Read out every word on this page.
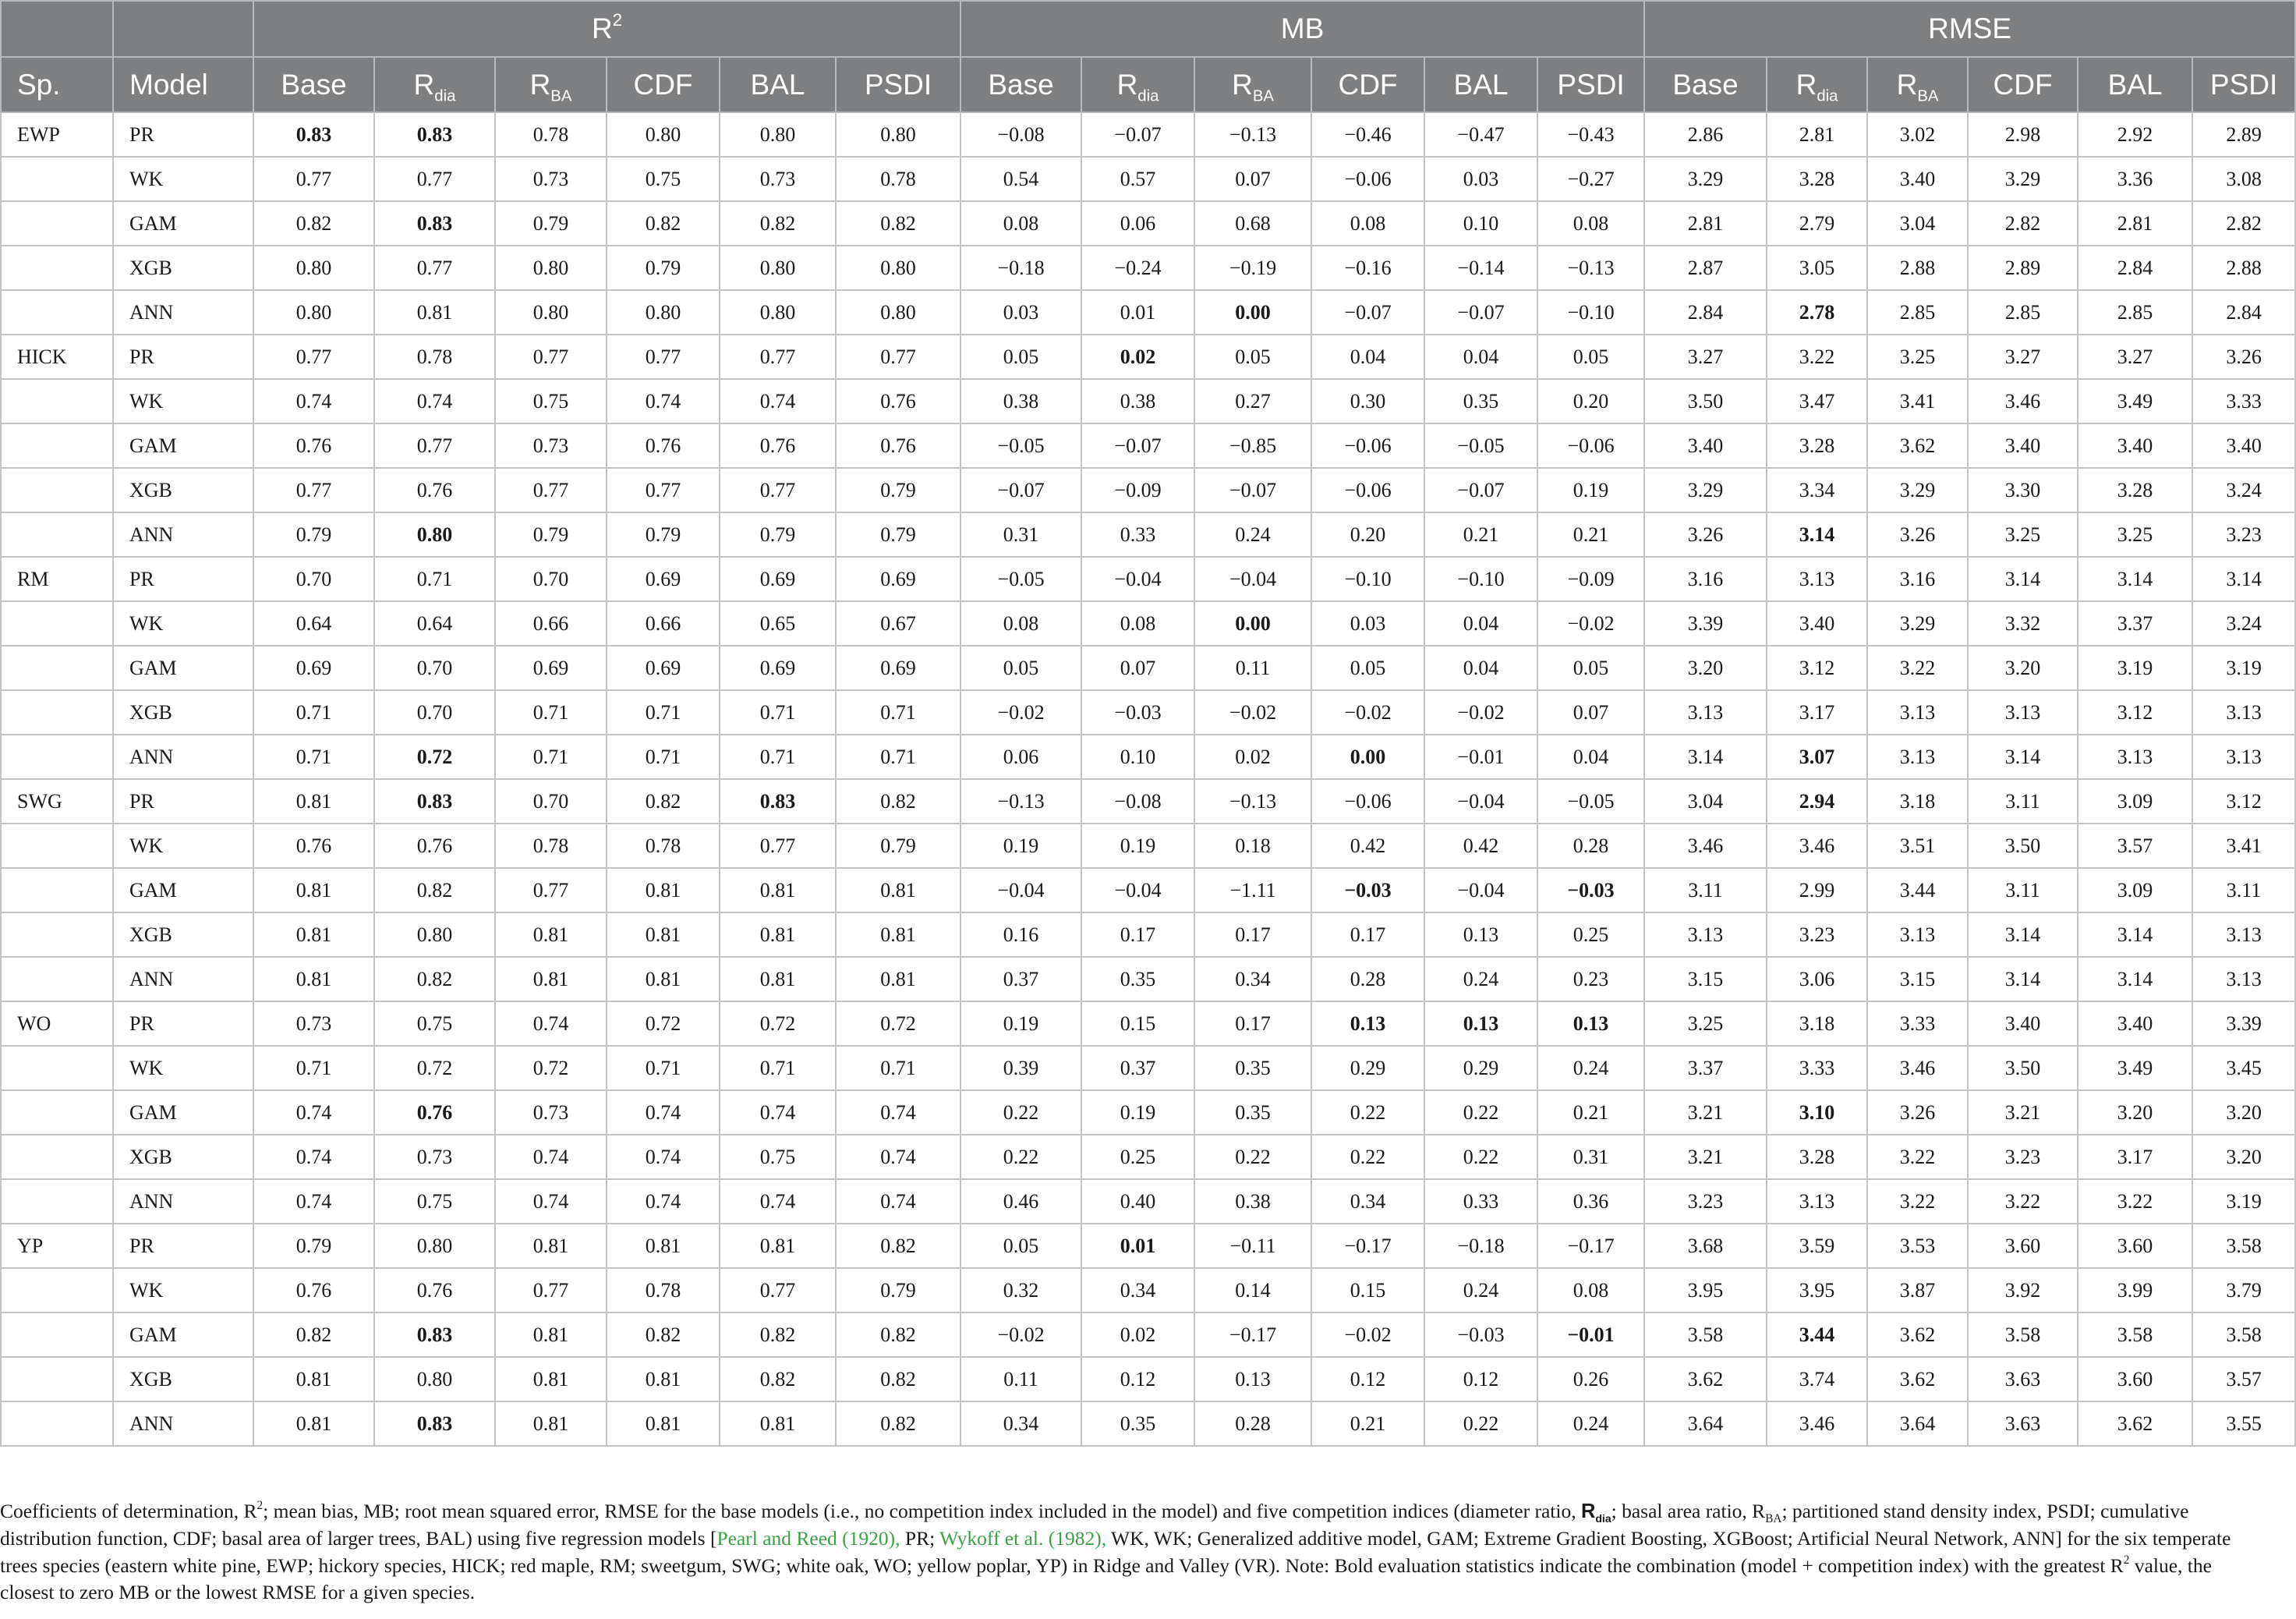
		$R^2$						MB						RMSE					
Sp.	Model	Base	$R_{dia}$	$R_{BA}$	CDF	BAL	PSDI	Base	$R_{dia}$	$R_{BA}$	CDF	BAL	PSDI	Base	$R_{dia}$	$R_{BA}$	CDF	BAL	PSDI
EWP	PR	0.83	0.83	0.78	0.80	0.80	0.80	−0.08	−0.07	−0.13	−0.46	−0.47	−0.43	2.86	2.81	3.02	2.98	2.92	2.89
	WK	0.77	0.77	0.73	0.75	0.73	0.78	0.54	0.57	0.07	−0.06	0.03	−0.27	3.29	3.28	3.40	3.29	3.36	3.08
	GAM	0.82	0.83	0.79	0.82	0.82	0.82	0.08	0.06	0.68	0.08	0.10	0.08	2.81	2.79	3.04	2.82	2.81	2.82
	XGB	0.80	0.77	0.80	0.79	0.80	0.80	−0.18	−0.24	−0.19	−0.16	−0.14	−0.13	2.87	3.05	2.88	2.89	2.84	2.88
	ANN	0.80	0.81	0.80	0.80	0.80	0.80	0.03	0.01	0.00	−0.07	−0.07	−0.10	2.84	2.78	2.85	2.85	2.85	2.84
HICK	PR	0.77	0.78	0.77	0.77	0.77	0.77	0.05	0.02	0.05	0.04	0.04	0.05	3.27	3.22	3.25	3.27	3.27	3.26
	WK	0.74	0.74	0.75	0.74	0.74	0.76	0.38	0.38	0.27	0.30	0.35	0.20	3.50	3.47	3.41	3.46	3.49	3.33
	GAM	0.76	0.77	0.73	0.76	0.76	0.76	−0.05	−0.07	−0.85	−0.06	−0.05	−0.06	3.40	3.28	3.62	3.40	3.40	3.40
	XGB	0.77	0.76	0.77	0.77	0.77	0.79	−0.07	−0.09	−0.07	−0.06	−0.07	0.19	3.29	3.34	3.29	3.30	3.28	3.24
	ANN	0.79	0.80	0.79	0.79	0.79	0.79	0.31	0.33	0.24	0.20	0.21	0.21	3.26	3.14	3.26	3.25	3.25	3.23
RM	PR	0.70	0.71	0.70	0.69	0.69	0.69	−0.05	−0.04	−0.04	−0.10	−0.10	−0.09	3.16	3.13	3.16	3.14	3.14	3.14
	WK	0.64	0.64	0.66	0.66	0.65	0.67	0.08	0.08	0.00	0.03	0.04	−0.02	3.39	3.40	3.29	3.32	3.37	3.24
	GAM	0.69	0.70	0.69	0.69	0.69	0.69	0.05	0.07	0.11	0.05	0.04	0.05	3.20	3.12	3.22	3.20	3.19	3.19
	XGB	0.71	0.70	0.71	0.71	0.71	0.71	−0.02	−0.03	−0.02	−0.02	−0.02	0.07	3.13	3.17	3.13	3.13	3.12	3.13
	ANN	0.71	0.72	0.71	0.71	0.71	0.71	0.06	0.10	0.02	0.00	−0.01	0.04	3.14	3.07	3.13	3.14	3.13	3.13
SWG	PR	0.81	0.83	0.70	0.82	0.83	0.82	−0.13	−0.08	−0.13	−0.06	−0.04	−0.05	3.04	2.94	3.18	3.11	3.09	3.12
	WK	0.76	0.76	0.78	0.78	0.77	0.79	0.19	0.19	0.18	0.42	0.42	0.28	3.46	3.46	3.51	3.50	3.57	3.41
	GAM	0.81	0.82	0.77	0.81	0.81	0.81	−0.04	−0.04	−1.11	−0.03	−0.04	−0.03	3.11	2.99	3.44	3.11	3.09	3.11
	XGB	0.81	0.80	0.81	0.81	0.81	0.81	0.16	0.17	0.17	0.17	0.13	0.25	3.13	3.23	3.13	3.14	3.14	3.13
	ANN	0.81	0.82	0.81	0.81	0.81	0.81	0.37	0.35	0.34	0.28	0.24	0.23	3.15	3.06	3.15	3.14	3.14	3.13
WO	PR	0.73	0.75	0.74	0.72	0.72	0.72	0.19	0.15	0.17	0.13	0.13	0.13	3.25	3.18	3.33	3.40	3.40	3.39
	WK	0.71	0.72	0.72	0.71	0.71	0.71	0.39	0.37	0.35	0.29	0.29	0.24	3.37	3.33	3.46	3.50	3.49	3.45
	GAM	0.74	0.76	0.73	0.74	0.74	0.74	0.22	0.19	0.35	0.22	0.22	0.21	3.21	3.10	3.26	3.21	3.20	3.20
	XGB	0.74	0.73	0.74	0.74	0.75	0.74	0.22	0.25	0.22	0.22	0.22	0.31	3.21	3.28	3.22	3.23	3.17	3.20
	ANN	0.74	0.75	0.74	0.74	0.74	0.74	0.46	0.40	0.38	0.34	0.33	0.36	3.23	3.13	3.22	3.22	3.22	3.19
YP	PR	0.79	0.80	0.81	0.81	0.81	0.82	0.05	0.01	−0.11	−0.17	−0.18	−0.17	3.68	3.59	3.53	3.60	3.60	3.58
	WK	0.76	0.76	0.77	0.78	0.77	0.79	0.32	0.34	0.14	0.15	0.24	0.08	3.95	3.95	3.87	3.92	3.99	3.79
	GAM	0.82	0.83	0.81	0.82	0.82	0.82	−0.02	0.02	−0.17	−0.02	−0.03	−0.01	3.58	3.44	3.62	3.58	3.58	3.58
	XGB	0.81	0.80	0.81	0.81	0.82	0.82	0.11	0.12	0.13	0.12	0.12	0.26	3.62	3.74	3.62	3.63	3.60	3.57
	ANN	0.81	0.83	0.81	0.81	0.81	0.82	0.34	0.35	0.28	0.21	0.22	0.24	3.64	3.46	3.64	3.63	3.62	3.55
Coefficients of determination, $R^2$; mean bias, MB; root mean squared error, RMSE for the base models (i.e., no competition index included in the model) and five competition indices (diameter ratio, $R_{dia}$; basal area ratio, $R_{BA}$; partitioned stand density index, PSDI; cumulative distribution function, CDF; basal area of larger trees, BAL) using five regression models [Pearl and Reed (1920), PR; Wykoff et al. (1982), WK, WK; Generalized additive model, GAM; Extreme Gradient Boosting, XGBoost; Artificial Neural Network, ANN] for the six temperate trees species (eastern white pine, EWP; hickory species, HICK; red maple, RM; sweetgum, SWG; white oak, WO; yellow poplar, YP) in Ridge and Valley (VR). Note: Bold evaluation statistics indicate the combination (model + competition index) with the greatest $R^2$ value, the closest to zero MB or the lowest RMSE for a given species.
